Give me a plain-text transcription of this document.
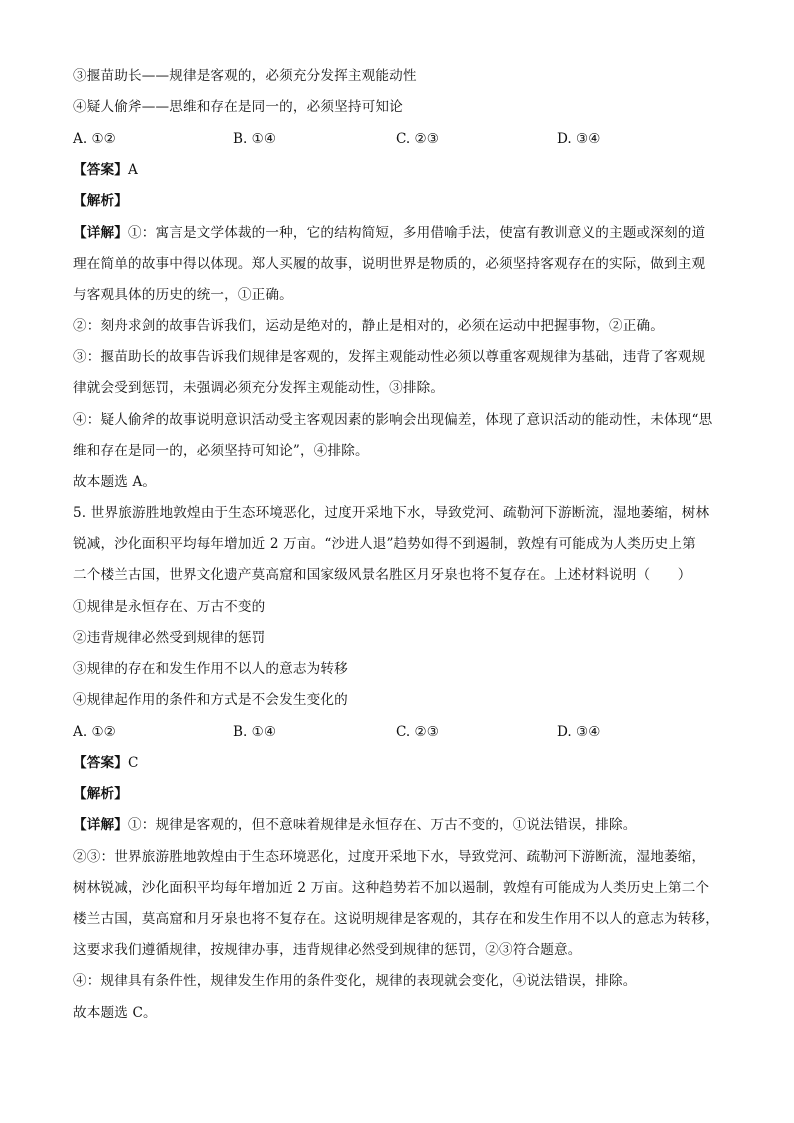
③揠苗助长——规律是客观的，必须充分发挥主观能动性
④疑人偷斧——思维和存在是同一的，必须坚持可知论
A. ①②	B. ①④	C. ②③	D. ③④
【答案】A
【解析】
【详解】①：寓言是文学体裁的一种，它的结构简短，多用借喻手法，使富有教训意义的主题或深刻的道
理在简单的故事中得以体现。郑人买履的故事，说明世界是物质的，必须坚持客观存在的实际，做到主观
与客观具体的历史的统一，①正确。
②：刻舟求剑的故事告诉我们，运动是绝对的，静止是相对的，必须在运动中把握事物，②正确。
③：揠苗助长的故事告诉我们规律是客观的，发挥主观能动性必须以尊重客观规律为基础，违背了客观规
律就会受到惩罚，未强调必须充分发挥主观能动性，③排除。
④：疑人偷斧的故事说明意识活动受主客观因素的影响会出现偏差，体现了意识活动的能动性，未体现“思
维和存在是同一的，必须坚持可知论”，④排除。
故本题选 A。
5. 世界旅游胜地敦煌由于生态环境恶化，过度开采地下水，导致党河、疏勒河下游断流，湿地萎缩，树林
锐减，沙化面积平均每年增加近 2 万亩。“沙进人退”趋势如得不到遏制，敦煌有可能成为人类历史上第
二个楼兰古国，世界文化遗产莫高窟和国家级风景名胜区月牙泉也将不复存在。上述材料说明（　　）
①规律是永恒存在、万古不变的
②违背规律必然受到规律的惩罚
③规律的存在和发生作用不以人的意志为转移
④规律起作用的条件和方式是不会发生变化的
A. ①②	B. ①④	C. ②③	D. ③④
【答案】C
【解析】
【详解】①：规律是客观的，但不意味着规律是永恒存在、万古不变的，①说法错误，排除。
②③：世界旅游胜地敦煌由于生态环境恶化，过度开采地下水，导致党河、疏勒河下游断流，湿地萎缩，
树林锐减，沙化面积平均每年增加近 2 万亩。这种趋势若不加以遏制，敦煌有可能成为人类历史上第二个
楼兰古国，莫高窟和月牙泉也将不复存在。这说明规律是客观的，其存在和发生作用不以人的意志为转移，
这要求我们遵循规律，按规律办事，违背规律必然受到规律的惩罚，②③符合题意。
④：规律具有条件性，规律发生作用的条件变化，规律的表现就会变化，④说法错误，排除。
故本题选 C。
